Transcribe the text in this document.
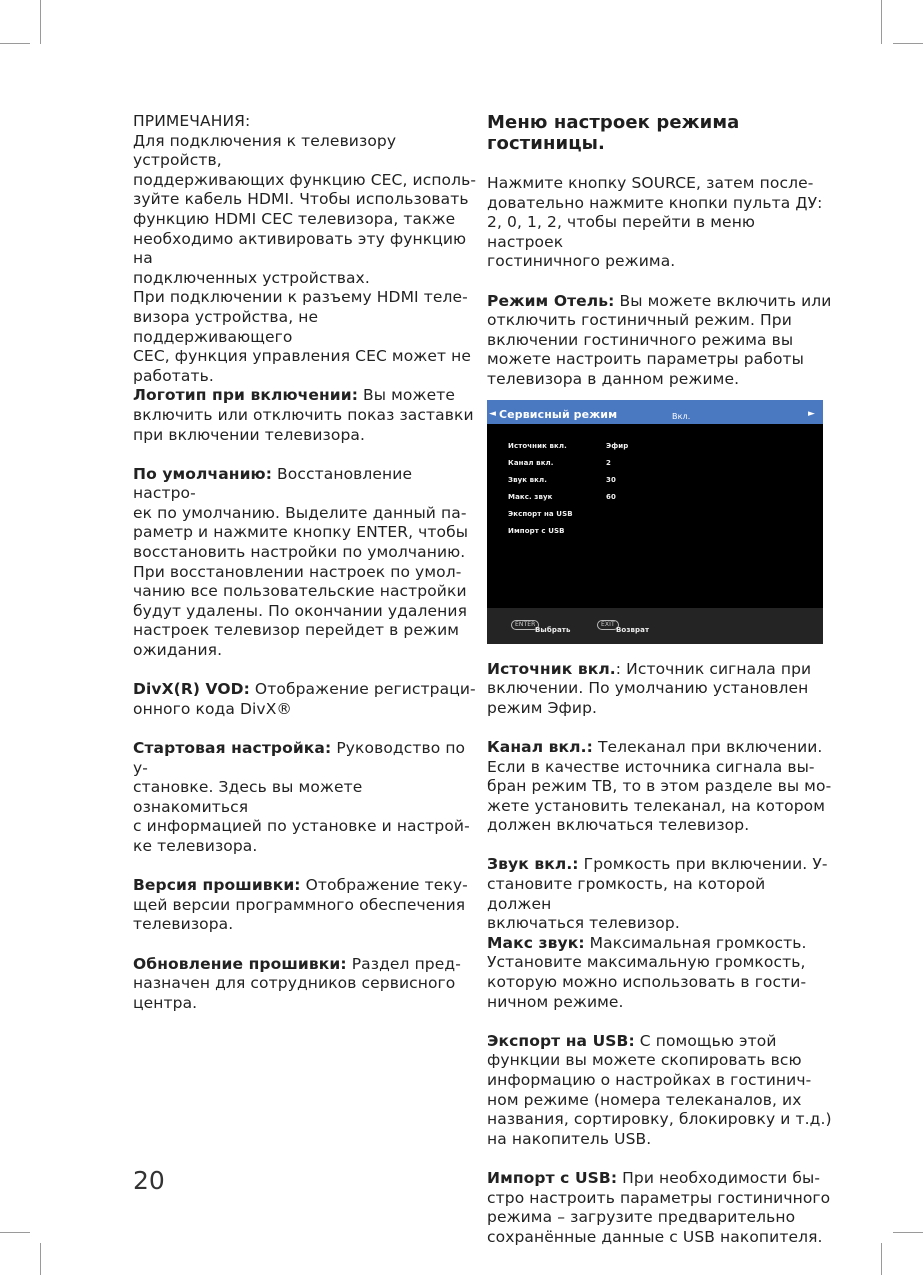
ПРИМЕЧАНИЯ:

Для подключения к телевизору устройств,
поддерживающих функцию CEC, исполь-
зуйте кабель HDMI. Чтобы использовать
функцию HDMI CEC телевизора, также
необходимо активировать эту функцию на
подключенных устройствах.

При подключении к разъему HDMI теле-
визора устройства, не поддерживающего
CEC, функция управления CEC может не
работать.

Логотип при включении: Вы можете
включить или отключить показ заставки
при включении телевизора.

По умолчанию: Восстановление настро-
ек по умолчанию. Выделите данный па-
раметр и нажмите кнопку ENTER, чтобы
восстановить настройки по умолчанию.
При восстановлении настроек по умол-
чанию все пользовательские настройки
будут удалены. По окончании удаления
настроек телевизор перейдет в режим
ожидания.

DivX(R) VOD: Отображение регистраци-
онного кода DivX®

Стартовая настройка: Руководство по у-
становке. Здесь вы можете ознакомиться
с информацией по установке и настрой-
ке телевизора.

Версия прошивки: Отображение теку-
щей версии программного обеспечения
телевизора.

Обновление прошивки: Раздел пред-
назначен для сотрудников сервисного
центра.

Меню настроек режима
гостиницы.

Нажмите кнопку SOURCE, затем после-
довательно нажмите кнопки пульта ДУ:
2, 0, 1, 2, чтобы перейти в меню настроек
гостиничного режима.

Режим Отель: Вы можете включить или
отключить гостиничный режим. При
включении гостиничного режима вы
можете настроить параметры работы
телевизора в данном режиме.

◄ Сервисный режим	Вкл.	►
Источник вкл.	Эфир
Канал вкл.	2
Звук вкл.	30
Макс. звук	60
Экспорт на USB
Импорт с USB
ENTER
Выбрать
EXIT
Возврат

Источник вкл.: Источник сигнала при
включении. По умолчанию установлен
режим Эфир.

Канал вкл.: Телеканал при включении.
Если в качестве источника сигнала вы-
бран режим ТВ, то в этом разделе вы мо-
жете установить телеканал, на котором
должен включаться телевизор.

Звук вкл.: Громкость при включении. У-
становите громкость, на которой должен
включаться телевизор.

Макс звук: Максимальная громкость.
Установите максимальную громкость,
которую можно использовать в гости-
ничном режиме.

Экспорт на USB: С помощью этой
функции вы можете скопировать всю
информацию о настройках в гостинич-
ном режиме (номера телеканалов, их
названия, сортировку, блокировку и т.д.)
на накопитель USB.

Импорт с USB: При необходимости бы-
стро настроить параметры гостиничного
режима – загрузите предварительно
сохранённые данные с USB накопителя.

20
